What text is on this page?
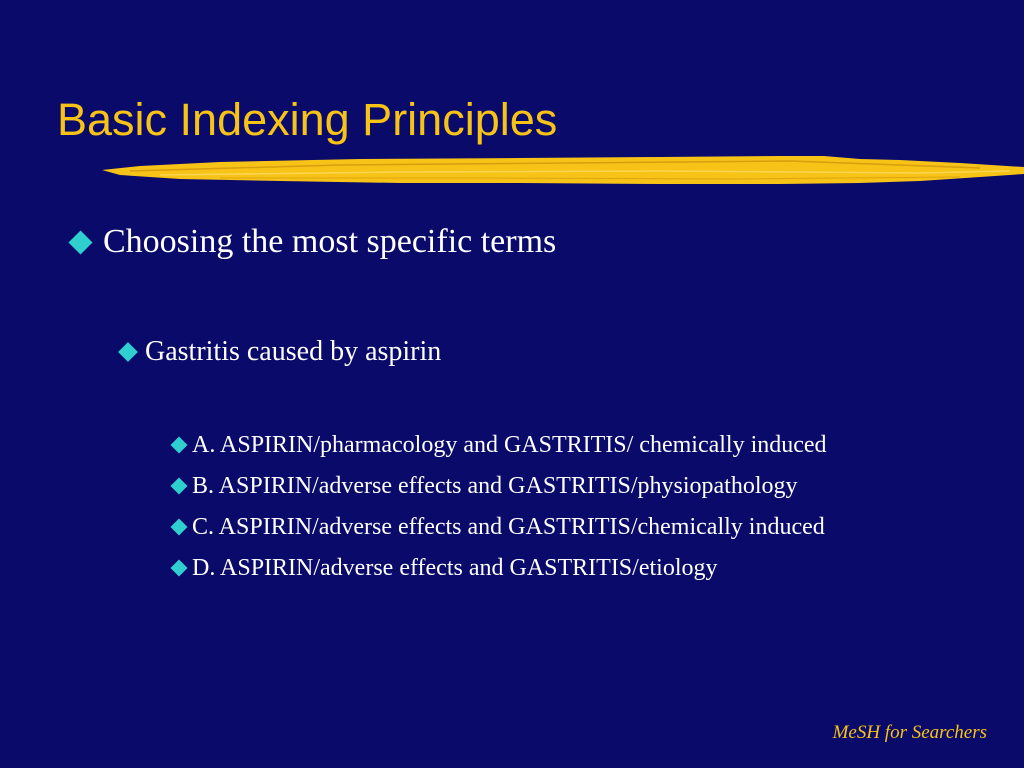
Basic Indexing Principles
Choosing the most specific terms
Gastritis caused by aspirin
A. ASPIRIN/pharmacology and GASTRITIS/ chemically induced
B. ASPIRIN/adverse effects and GASTRITIS/physiopathology
C. ASPIRIN/adverse effects and GASTRITIS/chemically induced
D. ASPIRIN/adverse effects and GASTRITIS/etiology
MeSH for Searchers
